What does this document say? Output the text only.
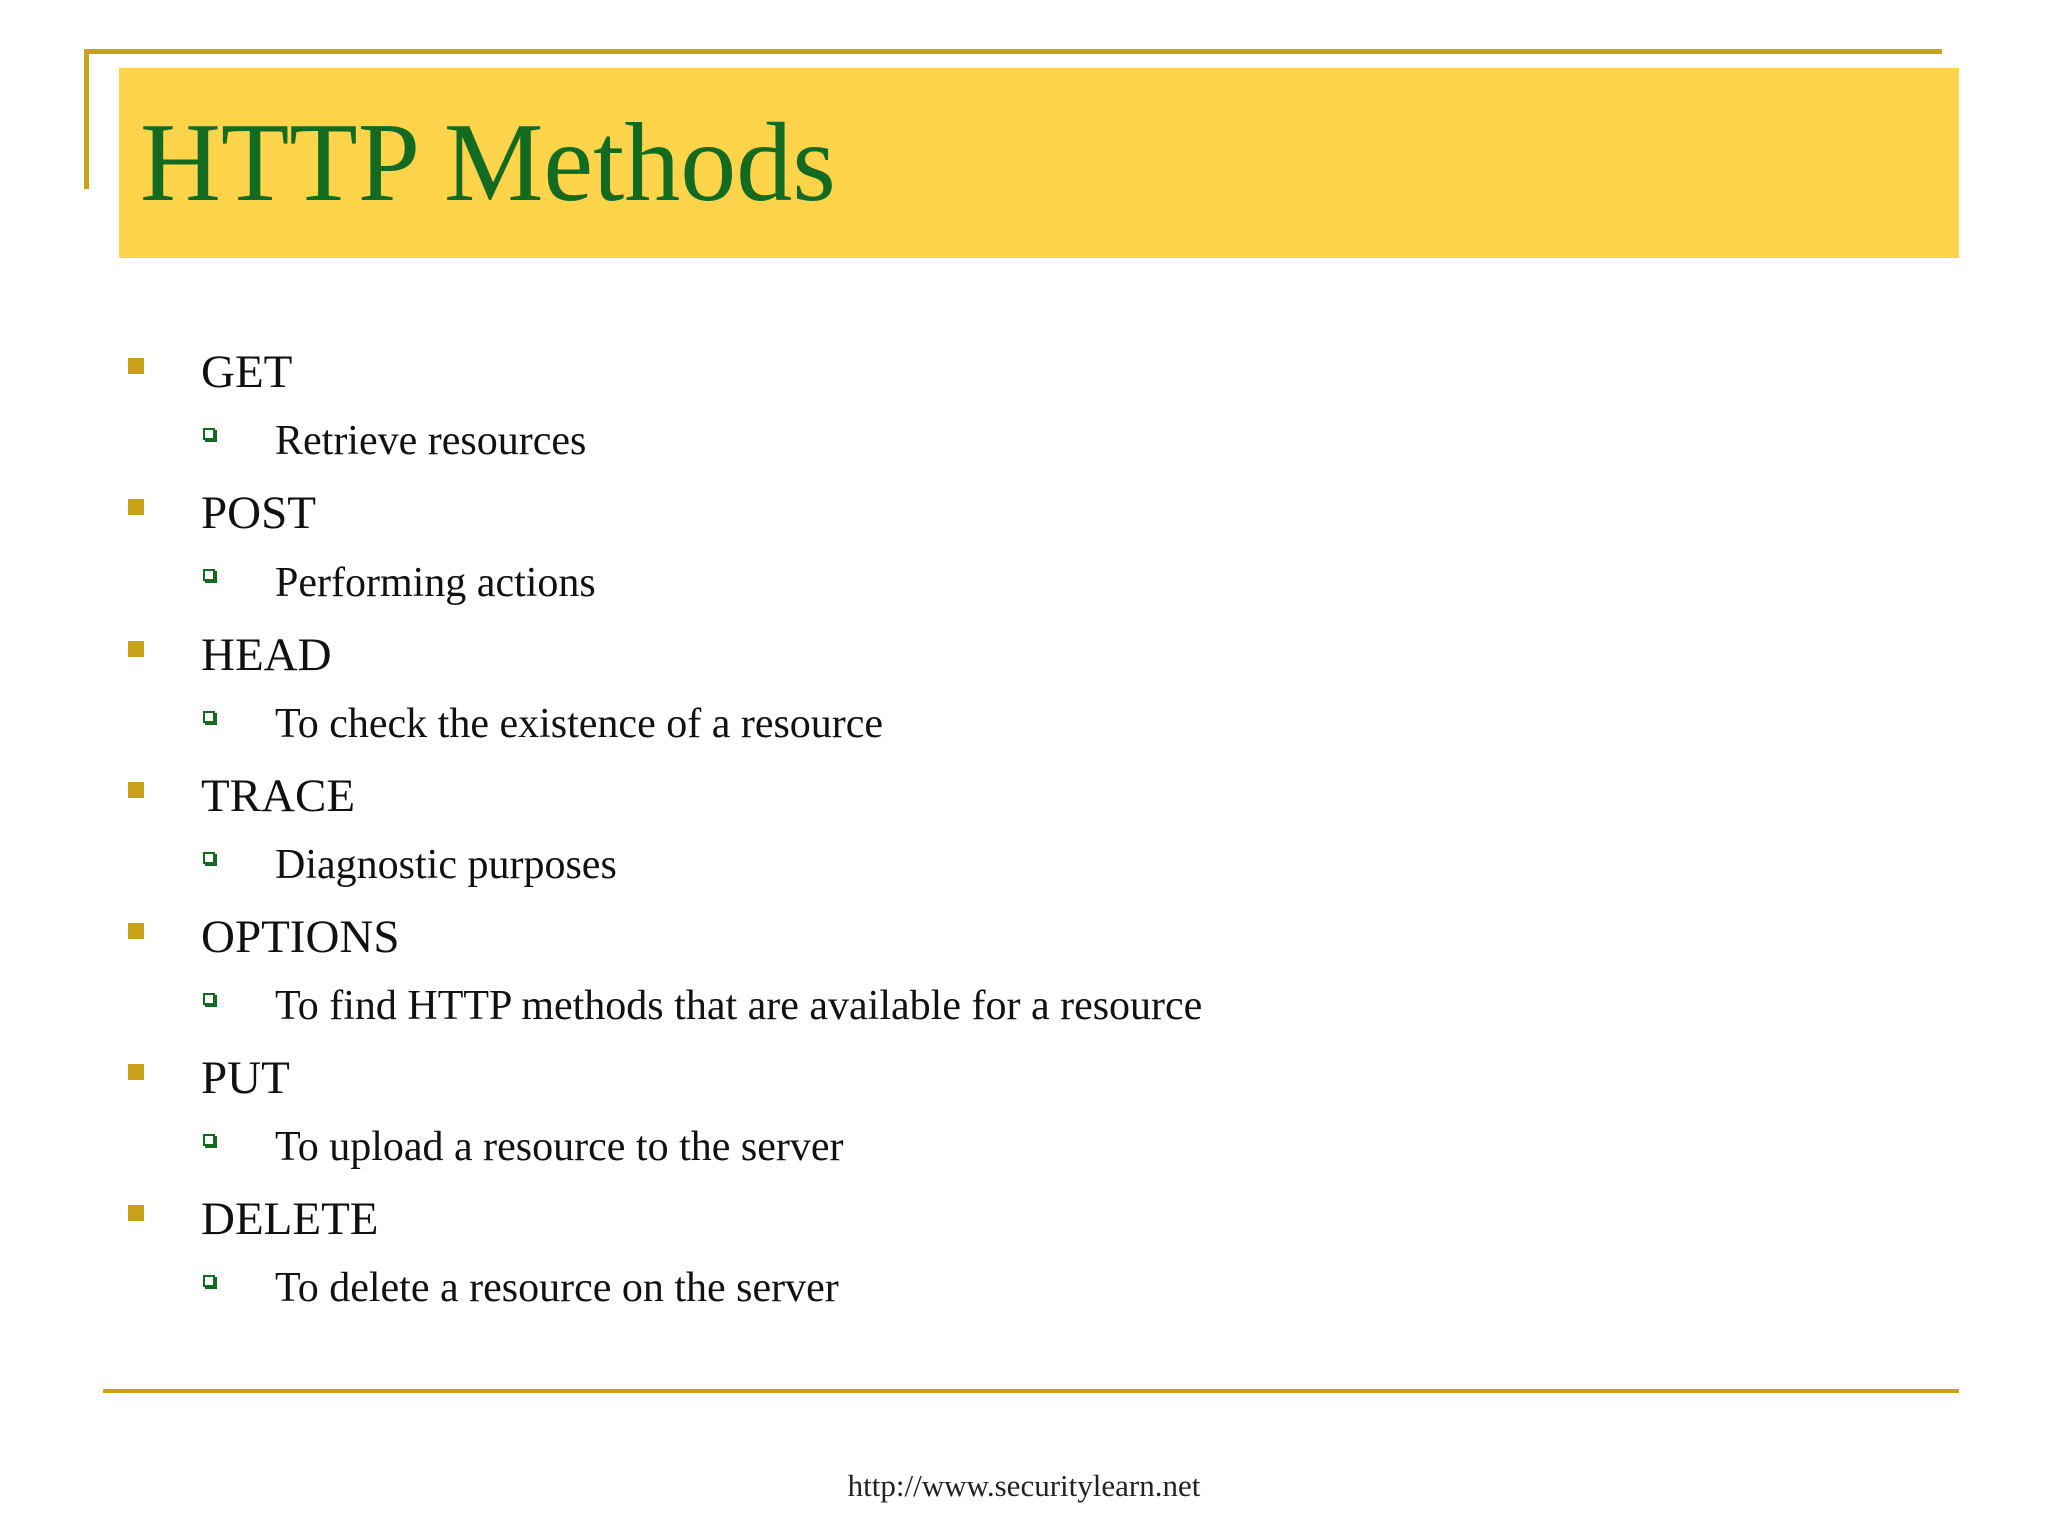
HTTP Methods
GET
Retrieve resources
POST
Performing actions
HEAD
To check the existence of a resource
TRACE
Diagnostic purposes
OPTIONS
To find HTTP methods that are available for a resource
PUT
To upload a resource to the server
DELETE
To delete a resource on the server
http://www.securitylearn.net
